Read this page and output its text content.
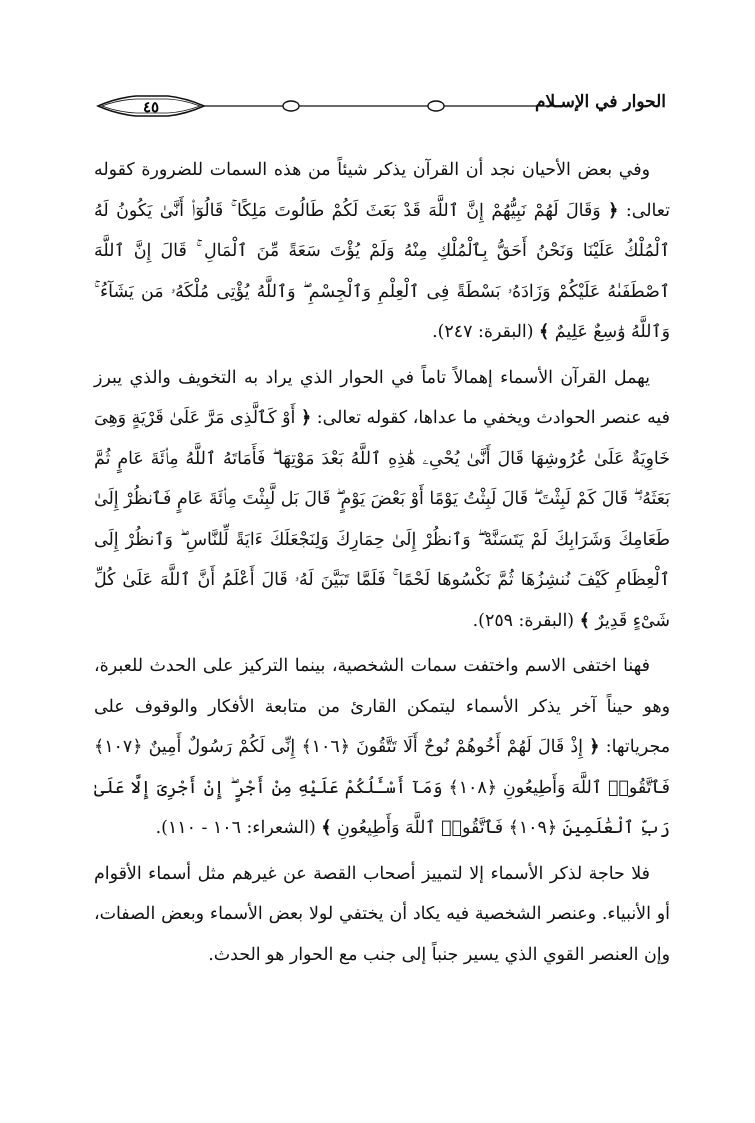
الحوار في الإسـلام
٤٥

وفي بعض الأحيان نجد أن القرآن يذكر شيئاً من هذه السمات للضرورة كقوله تعالى: ﴿ وَقَالَ لَهُمْ نَبِيُّهُمْ إِنَّ ٱللَّهَ قَدْ بَعَثَ لَكُمْ طَالُوتَ مَلِكًا ۚ قَالُوٓا۟ أَنَّىٰ يَكُونُ لَهُ ٱلْمُلْكُ عَلَيْنَا وَنَحْنُ أَحَقُّ بِٱلْمُلْكِ مِنْهُ وَلَمْ يُؤْتَ سَعَةً مِّنَ ٱلْمَالِ ۚ قَالَ إِنَّ ٱللَّهَ ٱصْطَفَىٰهُ عَلَيْكُمْ وَزَادَهُۥ بَسْطَةً فِى ٱلْعِلْمِ وَٱلْجِسْمِ ۖ وَٱللَّهُ يُؤْتِى مُلْكَهُۥ مَن يَشَآءُ ۚ وَٱللَّهُ وَٰسِعٌ عَلِيمٌ ﴾ (البقرة: ٢٤٧).

يهمل القرآن الأسماء إهمالاً تاماً في الحوار الذي يراد به التخويف والذي يبرز فيه عنصر الحوادث ويخفي ما عداها، كقوله تعالى: ﴿ أَوْ كَٱلَّذِى مَرَّ عَلَىٰ قَرْيَةٍ وَهِىَ خَاوِيَةٌ عَلَىٰ عُرُوشِهَا قَالَ أَنَّىٰ يُحْىِۦ هَٰذِهِ ٱللَّهُ بَعْدَ مَوْتِهَا ۖ فَأَمَاتَهُ ٱللَّهُ مِا۟ئَةَ عَامٍ ثُمَّ بَعَثَهُۥ ۖ قَالَ كَمْ لَبِثْتَ ۖ قَالَ لَبِثْتُ يَوْمًا أَوْ بَعْضَ يَوْمٍ ۖ قَالَ بَل لَّبِثْتَ مِا۟ئَةَ عَامٍ فَٱنظُرْ إِلَىٰ طَعَامِكَ وَشَرَابِكَ لَمْ يَتَسَنَّهْ ۖ وَٱنظُرْ إِلَىٰ حِمَارِكَ وَلِنَجْعَلَكَ ءَايَةً لِّلنَّاسِ ۖ وَٱنظُرْ إِلَى ٱلْعِظَامِ كَيْفَ نُنشِزُهَا ثُمَّ نَكْسُوهَا لَحْمًا ۚ فَلَمَّا تَبَيَّنَ لَهُۥ قَالَ أَعْلَمُ أَنَّ ٱللَّهَ عَلَىٰ كُلِّ شَىْءٍ قَدِيرٌ ﴾ (البقرة: ٢٥٩).

فهنا اختفى الاسم واختفت سمات الشخصية، بينما التركيز على الحدث للعبرة، وهو حيناً آخر يذكر الأسماء ليتمكن القارئ من متابعة الأفكار والوقوف على مجرياتها: ﴿ إِذْ قَالَ لَهُمْ أَخُوهُمْ نُوحٌ أَلَا تَتَّقُونَ ﴿١٠٦﴾ إِنِّى لَكُمْ رَسُولٌ أَمِينٌ ﴿١٠٧﴾ فَٱتَّقُوا۟ ٱللَّهَ وَأَطِيعُونِ ﴿١٠٨﴾ وَمَآ أَسْـَٔلُكُمْ عَلَيْهِ مِنْ أَجْرٍ ۖ إِنْ أَجْرِىَ إِلَّا عَلَىٰ رَبِّ ٱلْعَٰلَمِينَ ﴿١٠٩﴾ فَٱتَّقُوا۟ ٱللَّهَ وَأَطِيعُونِ ﴾ (الشعراء: ١٠٦ - ١١٠).

فلا حاجة لذكر الأسماء إلا لتمييز أصحاب القصة عن غيرهم مثل أسماء الأقوام أو الأنبياء. وعنصر الشخصية فيه يكاد أن يختفي لولا بعض الأسماء وبعض الصفات، وإن العنصر القوي الذي يسير جنباً إلى جنب مع الحوار هو الحدث.
